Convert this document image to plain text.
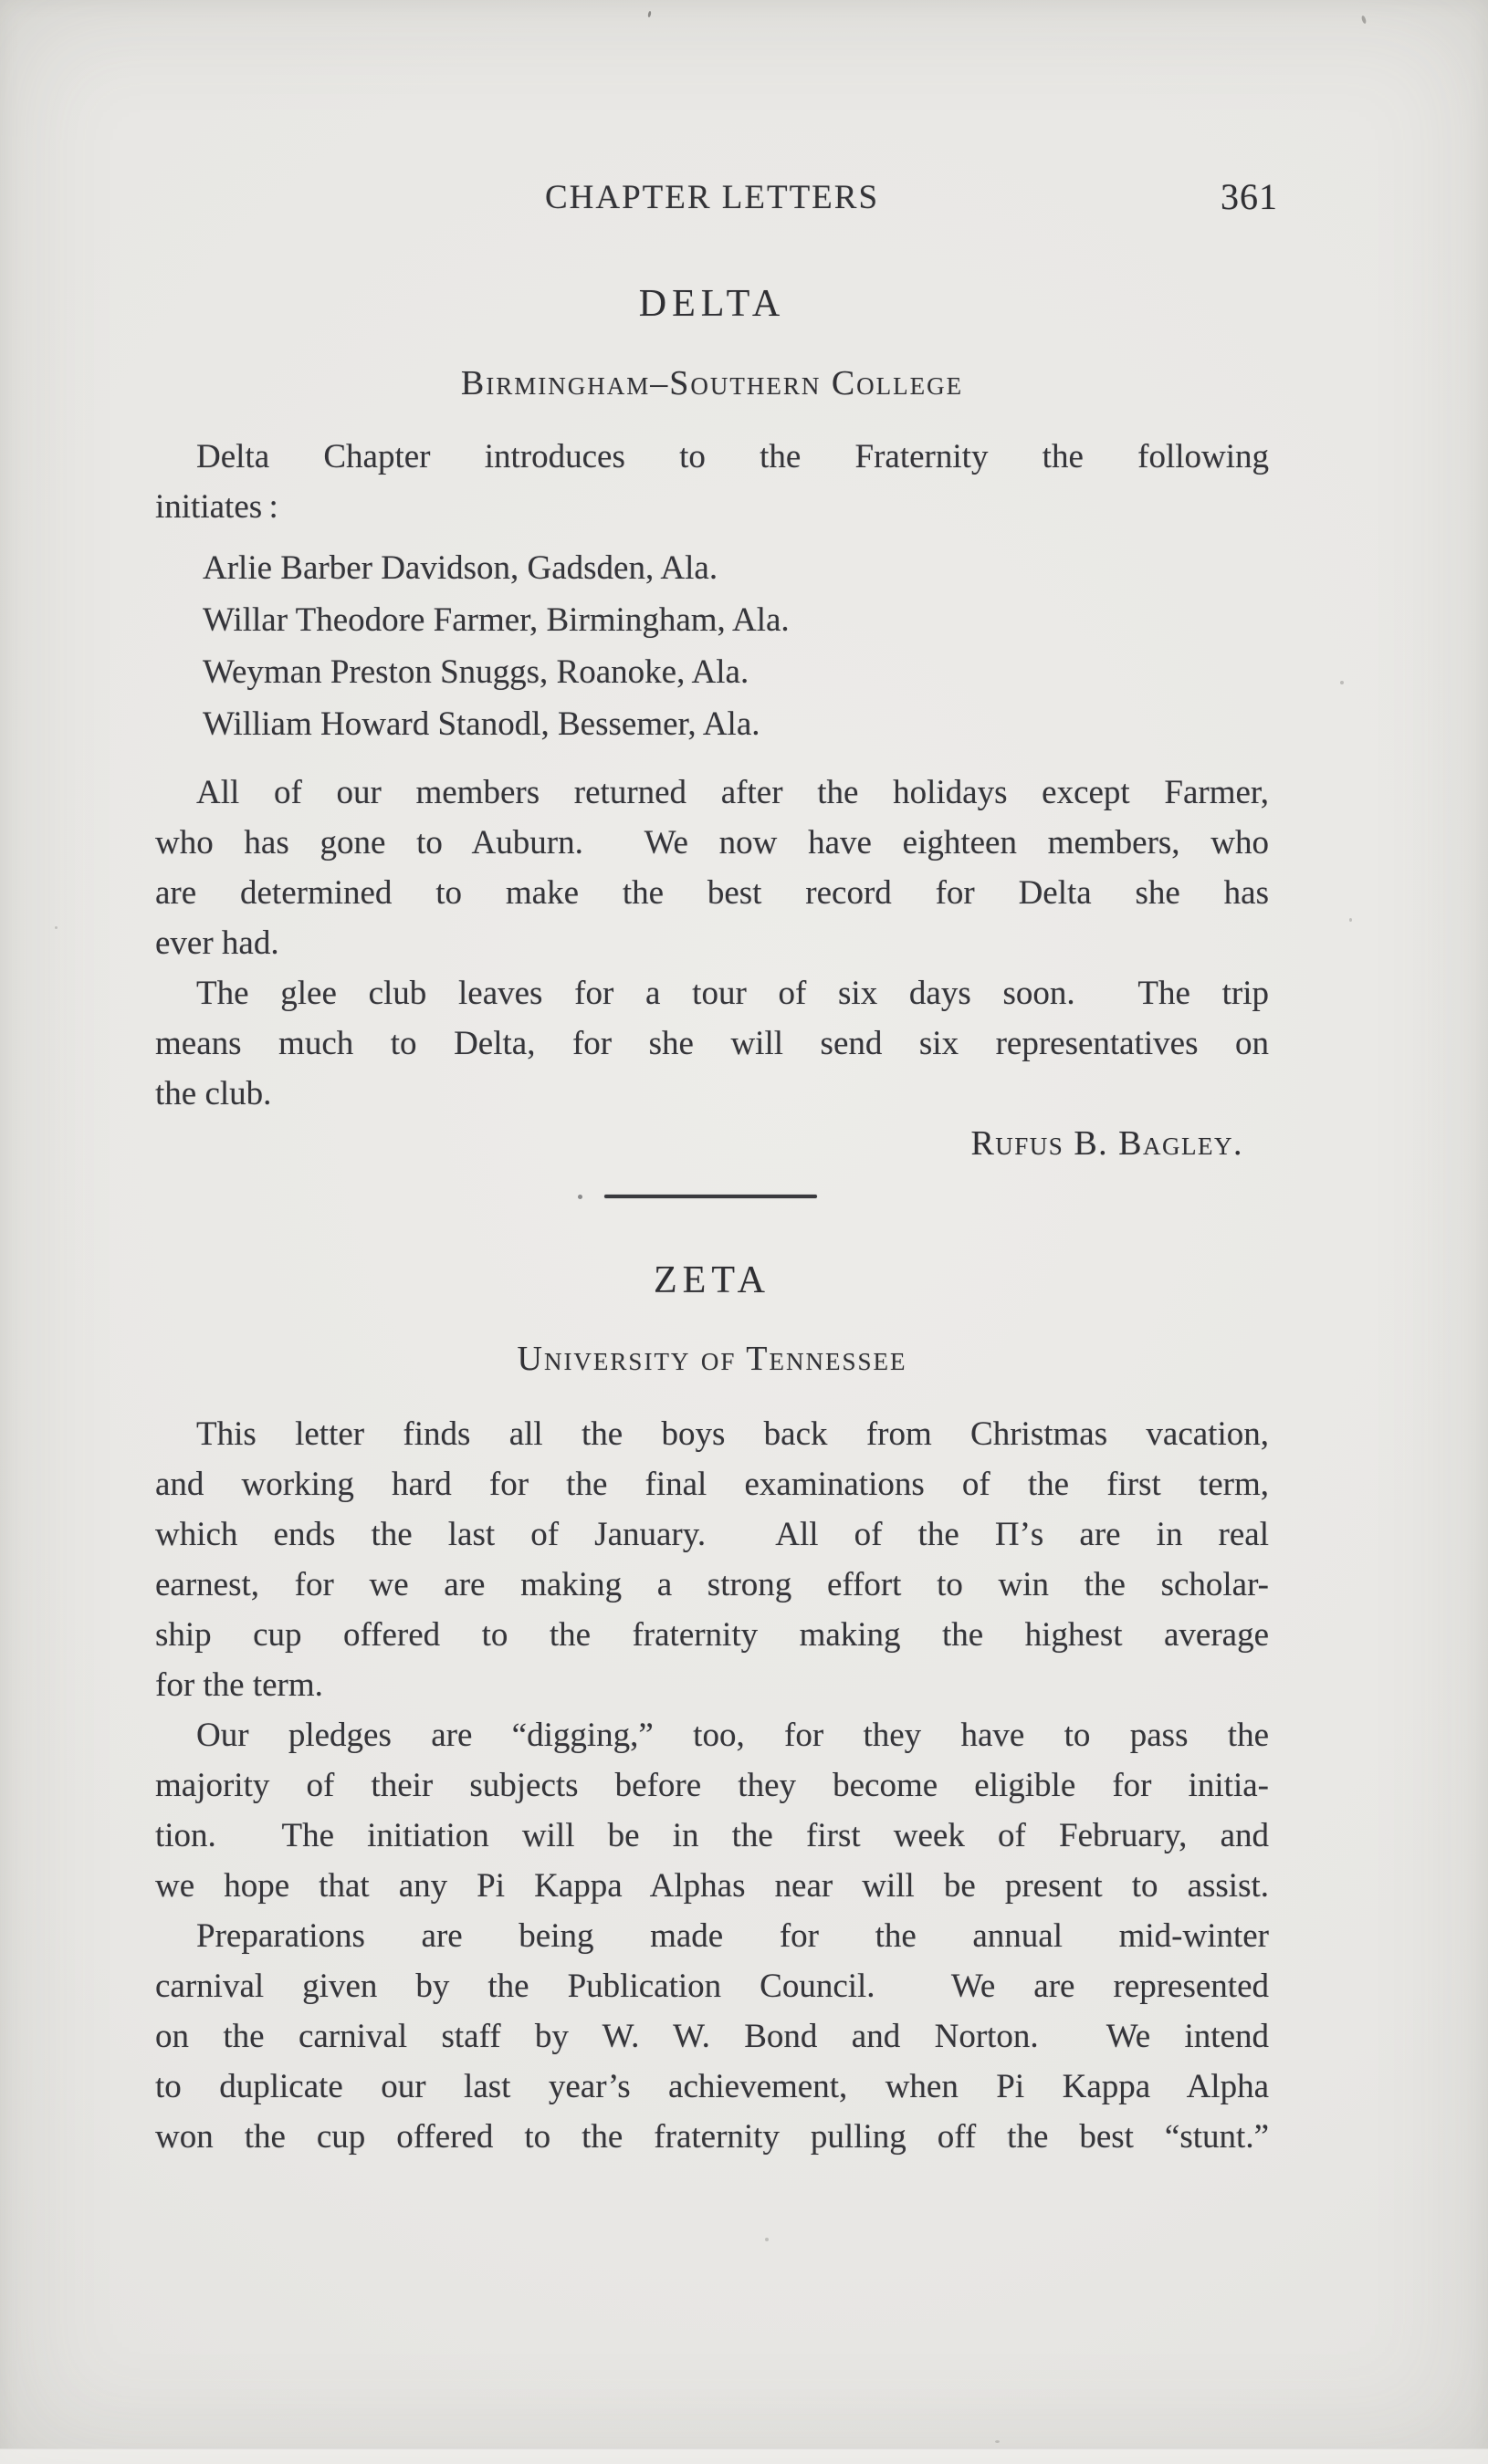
CHAPTER LETTERS	361
DELTA
Birmingham–Southern College
Delta Chapter introduces to the Fraternity the following
initiates :
Arlie Barber Davidson, Gadsden, Ala.
Willar Theodore Farmer, Birmingham, Ala.
Weyman Preston Snuggs, Roanoke, Ala.
William Howard Stanodl, Bessemer, Ala.
All of our members returned after the holidays except Farmer,
who has gone to Auburn.  We now have eighteen members, who
are determined to make the best record for Delta she has
ever had.
The glee club leaves for a tour of six days soon.  The trip
means much to Delta, for she will send six representatives on
the club.
Rufus B. Bagley.
ZETA
University of Tennessee
This letter finds all the boys back from Christmas vacation,
and working hard for the final examinations of the first term,
which ends the last of January.  All of the Π’s are in real
earnest, for we are making a strong effort to win the scholar-
ship cup offered to the fraternity making the highest average
for the term.
Our pledges are “digging,” too, for they have to pass the
majority of their subjects before they become eligible for initia-
tion.  The initiation will be in the first week of February, and
we hope that any Pi Kappa Alphas near will be present to assist.
Preparations are being made for the annual mid-winter
carnival given by the Publication Council.  We are represented
on the carnival staff by W. W. Bond and Norton.  We intend
to duplicate our last year’s achievement, when Pi Kappa Alpha
won the cup offered to the fraternity pulling off the best “stunt.”
